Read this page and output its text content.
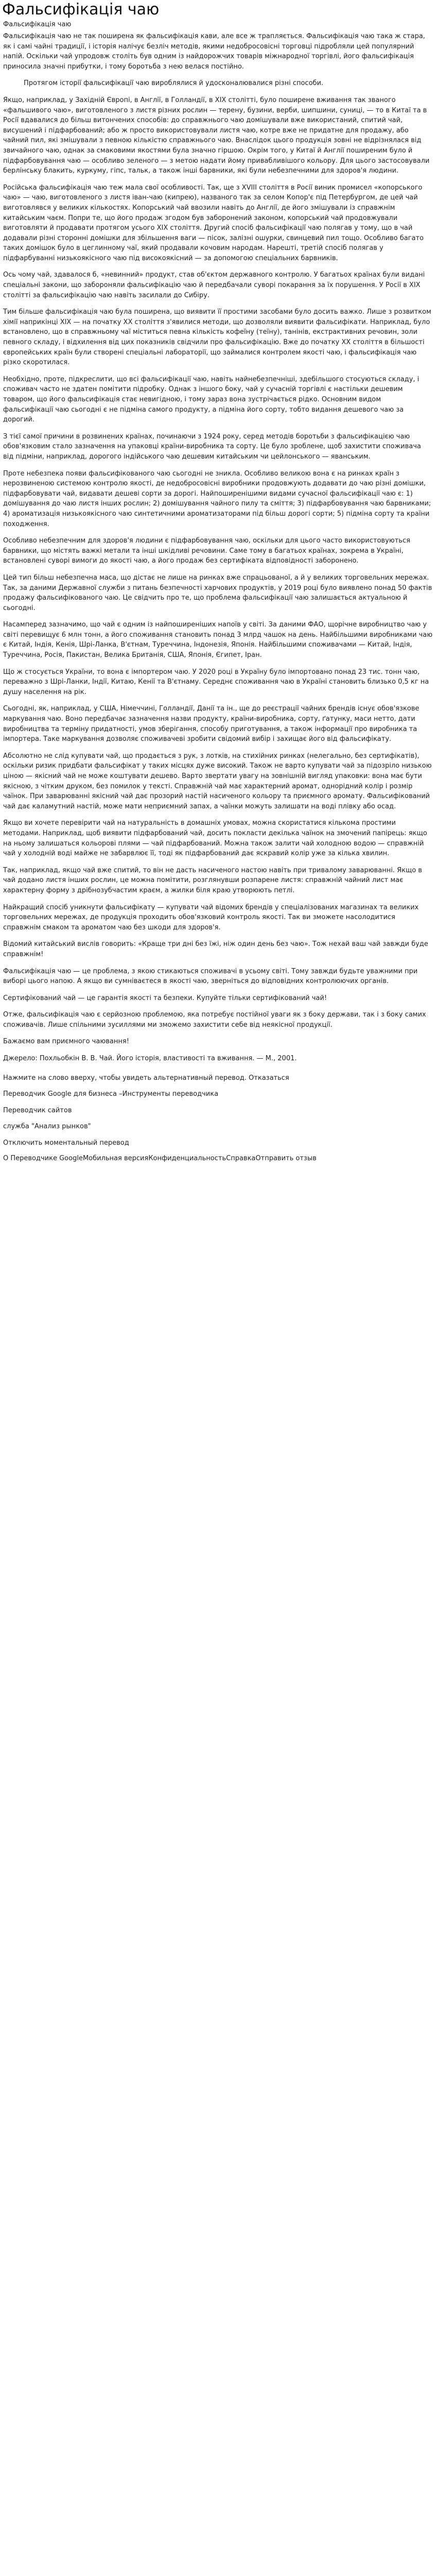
Фальсифікація чаю
Фальсифікація чаю

Фальсифікація чаю не так поширена як фальсифікація кави, але все ж трапляється. Фальсифікація чаю така ж стара, як і самі чайні традиції, і історія налічує безліч методів, якими недобросовісні торговці підробляли цей популярний напій. Оскільки чай упродовж століть був одним із найдорожчих товарів міжнародної торгівлі, його фальсифікація приносила значні прибутки, і тому боротьба з нею велася постійно.

Протягом історії фальсифікації чаю вироблялися й удосконалювалися різні способи.

Якщо, наприклад, у Західній Європі, в Англії, в Голландії, в XIX столітті, було поширене вживання так званого «фальшивого чаю», виготовленого з листя різних рослин — терену, бузини, верби, шипшини, суниці, — то в Китаї та в Росії вдавалися до більш витончених способів: до справжнього чаю домішували вже використаний, спитий чай, висушений і підфарбований; або ж просто використовували листя чаю, котре вже не придатне для продажу, або чайний пил, які змішували з певною кількістю справжнього чаю. Внаслідок цього продукція зовні не відрізнялася від звичайного чаю, однак за смаковими якостями була значно гіршою. Окрім того, у Китаї й Англії поширеним було й підфарбовування чаю — особливо зеленого — з метою надати йому привабливішого кольору. Для цього застосовували берлінську блакить, куркуму, гіпс, тальк, а також інші барвники, які були небезпечними для здоров'я людини.

Російська фальсифікація чаю теж мала свої особливості. Так, ще з XVIII століття в Росії виник промисел «копорського чаю» — чаю, виготовленого з листя іван-чаю (кипрею), названого так за селом Копор'є під Петербургом, де цей чай виготовлявся у великих кількостях. Копорський чай ввозили навіть до Англії, де його змішували із справжнім китайським чаєм. Попри те, що його продаж згодом був заборонений законом, копорський чай продовжували виготовляти й продавати протягом усього XIX століття. Другий спосіб фальсифікації чаю полягав у тому, що в чай додавали різні сторонні домішки для збільшення ваги — пісок, залізні ошурки, свинцевий пил тощо. Особливо багато таких домішок було в цеглинному чаї, який продавали кочовим народам. Нарешті, третій спосіб полягав у підфарбуванні низькоякісного чаю під високоякісний — за допомогою спеціальних барвників.

Ось чому чай, здавалося б, «невинний» продукт, став об'єктом державного контролю. У багатьох країнах були видані спеціальні закони, що забороняли фальсифікацію чаю й передбачали суворі покарання за їх порушення. У Росії в XIX столітті за фальсифікацію чаю навіть засилали до Сибіру.

Тим більше фальсифікація чаю була поширена, що виявити її простими засобами було досить важко. Лише з розвитком хімії наприкінці XIX — на початку XX століття з'явилися методи, що дозволяли виявити фальсифікати. Наприклад, було встановлено, що в справжньому чаї міститься певна кількість кофеїну (теїну), танінів, екстрактивних речовин, золи певного складу, і відхилення від цих показників свідчили про фальсифікацію. Вже до початку XX століття в більшості європейських країн були створені спеціальні лабораторії, що займалися контролем якості чаю, і фальсифікація чаю різко скоротилася.

Необхідно, проте, підкреслити, що всі фальсифікації чаю, навіть найнебезпечніші, здебільшого стосуються складу, і споживач часто не здатен помітити підробку. Однак з іншого боку, чай у сучасній торгівлі є настільки дешевим товаром, що його фальсифікація стає невигідною, і тому зараз вона зустрічається рідко. Основним видом фальсифікації чаю сьогодні є не підміна самого продукту, а підміна його сорту, тобто видання дешевого чаю за дорогий.

З тієї самої причини в розвинених країнах, починаючи з 1924 року, серед методів боротьби з фальсифікацією чаю обов'язковим стало зазначення на упаковці країни-виробника та сорту. Це було зроблене, щоб захистити споживача від підміни, наприклад, дорогого індійського чаю дешевим китайським чи цейлонського — яванським.

Проте небезпека появи фальсифікованого чаю сьогодні не зникла. Особливо великою вона є на ринках країн з нерозвиненою системою контролю якості, де недобросовісні виробники продовжують додавати до чаю різні домішки, підфарбовувати чай, видавати дешеві сорти за дорогі. Найпоширенішими видами сучасної фальсифікації чаю є: 1) домішування до чаю листя інших рослин; 2) домішування чайного пилу та сміття; 3) підфарбовування чаю барвниками; 4) ароматизація низькоякісного чаю синтетичними ароматизаторами під більш дорогі сорти; 5) підміна сорту та країни походження.

Особливо небезпечним для здоров'я людини є підфарбовування чаю, оскільки для цього часто використовуються барвники, що містять важкі метали та інші шкідливі речовини. Саме тому в багатьох країнах, зокрема в Україні, встановлені суворі вимоги до якості чаю, а його продаж без сертифіката відповідності заборонено.

Цей тип більш небезпечна маса, що дістає не лише на ринках вже спрацьованої, а й у великих торговельних мережах. Так, за даними Державної служби з питань безпечності харчових продуктів, у 2019 році було виявлено понад 50 фактів продажу фальсифікованого чаю. Це свідчить про те, що проблема фальсифікації чаю залишається актуальною й сьогодні.

Насамперед зазначимо, що чай є одним із найпоширеніших напоїв у світі. За даними ФАО, щорічне виробництво чаю у світі перевищує 6 млн тонн, а його споживання становить понад 3 млрд чашок на день. Найбільшими виробниками чаю є Китай, Індія, Кенія, Шрі-Ланка, В'єтнам, Туреччина, Індонезія, Японія. Найбільшими споживачами — Китай, Індія, Туреччина, Росія, Пакистан, Велика Британія, США, Японія, Єгипет, Іран.

Що ж стосується України, то вона є імпортером чаю. У 2020 році в Україну було імпортовано понад 23 тис. тонн чаю, переважно з Шрі-Ланки, Індії, Китаю, Кенії та В'єтнаму. Середнє споживання чаю в Україні становить близько 0,5 кг на душу населення на рік.

Сьогодні, як, наприклад, у США, Німеччині, Голландії, Данії та ін., ще до реєстрації чайних брендів існує обов'язкове маркування чаю. Воно передбачає зазначення назви продукту, країни-виробника, сорту, ґатунку, маси нетто, дати виробництва та терміну придатності, умов зберігання, способу приготування, а також інформації про виробника та імпортера. Таке маркування дозволяє споживачеві зробити свідомий вибір і захищає його від фальсифікату.

Абсолютно не слід купувати чай, що продається з рук, з лотків, на стихійних ринках (нелегально, без сертифікатів), оскільки ризик придбати фальсифікат у таких місцях дуже високий. Також не варто купувати чай за підозріло низькою ціною — якісний чай не може коштувати дешево. Варто звертати увагу на зовнішній вигляд упаковки: вона має бути якісною, з чітким друком, без помилок у тексті. Справжній чай має характерний аромат, однорідний колір і розмір чаїнок. При заварюванні якісний чай дає прозорий настій насиченого кольору та приємного аромату. Фальсифікований чай дає каламутний настій, може мати неприємний запах, а чаїнки можуть залишати на воді плівку або осад.

Якщо ви хочете перевірити чай на натуральність в домашніх умовах, можна скористатися кількома простими методами. Наприклад, щоб виявити підфарбований чай, досить покласти декілька чаїнок на змочений папірець: якщо на ньому залишаться кольорові плями — чай підфарбований. Можна також залити чай холодною водою — справжній чай у холодній воді майже не забарвлює її, тоді як підфарбований дає яскравий колір уже за кілька хвилин.

Так, наприклад, якщо чай вже спитий, то він не дасть насиченого настою навіть при тривалому заварюванні. Якщо в чай додано листя інших рослин, це можна помітити, розглянувши розпарене листя: справжній чайний лист має характерну форму з дрібнозубчастим краєм, а жилки біля краю утворюють петлі.

Найкращий спосіб уникнути фальсифікату — купувати чай відомих брендів у спеціалізованих магазинах та великих торговельних мережах, де продукція проходить обов'язковий контроль якості. Так ви зможете насолодитися справжнім смаком та ароматом чаю без шкоди для здоров'я.

Відомий китайський вислів говорить: «Краще три дні без їжі, ніж один день без чаю». Тож нехай ваш чай завжди буде справжнім!

Фальсифікація чаю — це проблема, з якою стикаються споживачі в усьому світі. Тому завжди будьте уважними при виборі цього напою. А якщо ви сумніваєтеся в якості чаю, зверніться до відповідних контролюючих органів.

Сертифікований чай — це гарантія якості та безпеки. Купуйте тільки сертифікований чай!

Отже, фальсифікація чаю є серйозною проблемою, яка потребує постійної уваги як з боку держави, так і з боку самих споживачів. Лише спільними зусиллями ми зможемо захистити себе від неякісної продукції.

Бажаємо вам приємного чаювання!

Джерело: Похльобкін В. В. Чай. Його історія, властивості та вживання. — М., 2001.

Нажмите на слово вверху, чтобы увидеть альтернативный перевод. Отказаться

Переводчик Google для бизнеса –Инструменты переводчика

Переводчик сайтов

служба "Анализ рынков"

Отключить моментальный перевод

О Переводчике GoogleМобильная версияКонфиденциальностьСправкаОтправить отзыв
